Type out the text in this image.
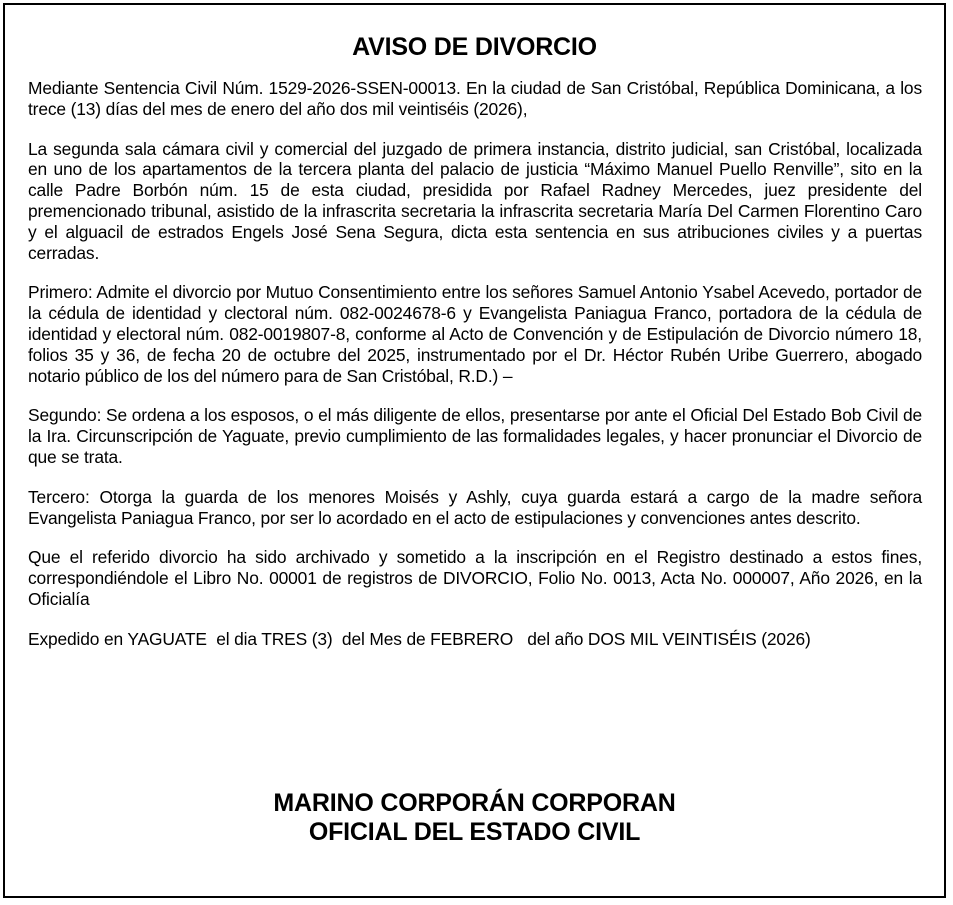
AVISO DE DIVORCIO

Mediante Sentencia Civil Núm. 1529-2026-SSEN-00013. En la ciudad de San Cristóbal, República Dominicana, a los trece (13) días del mes de enero del año dos mil veintiséis (2026),

La segunda sala cámara civil y comercial del juzgado de primera instancia, distrito judicial, san Cristóbal, localizada en uno de los apartamentos de la tercera planta del palacio de justicia “Máximo Manuel Puello Renville”, sito en la calle Padre Borbón núm. 15 de esta ciudad, presidida por Rafael Radney Mercedes, juez presidente del premencionado tribunal, asistido de la infrascrita secretaria la infrascrita secretaria María Del Carmen Florentino Caro y el alguacil de estrados Engels José Sena Segura, dicta esta sentencia en sus atribuciones civiles y a puertas cerradas.

Primero: Admite el divorcio por Mutuo Consentimiento entre los señores Samuel Antonio Ysabel Acevedo, portador de la cédula de identidad y clectoral núm. 082-0024678-6 y Evangelista Paniagua Franco, portadora de la cédula de identidad y electoral núm. 082-0019807-8, conforme al Acto de Convención y de Estipulación de Divorcio número 18, folios 35 y 36, de fecha 20 de octubre del 2025, instrumentado por el Dr. Héctor Rubén Uribe Guerrero, abogado notario público de los del número para de San Cristóbal, R.D.) –

Segundo: Se ordena a los esposos, o el más diligente de ellos, presentarse por ante el Oficial Del Estado Bob Civil de la Ira. Circunscripción de Yaguate, previo cumplimiento de las formalidades legales, y hacer pronunciar el Divorcio de que se trata.

Tercero: Otorga la guarda de los menores Moisés y Ashly, cuya guarda estará a cargo de la madre señora Evangelista Paniagua Franco, por ser lo acordado en el acto de estipulaciones y convenciones antes descrito.

Que el referido divorcio ha sido archivado y sometido a la inscripción en el Registro destinado a estos fines, correspondiéndole el Libro No. 00001 de registros de DIVORCIO, Folio No. 0013, Acta No. 000007, Año 2026, en la Oficialía

Expedido en YAGUATE  el dia TRES (3)  del Mes de FEBRERO   del año DOS MIL VEINTISÉIS (2026)

MARINO CORPORÁN CORPORAN
OFICIAL DEL ESTADO CIVIL
